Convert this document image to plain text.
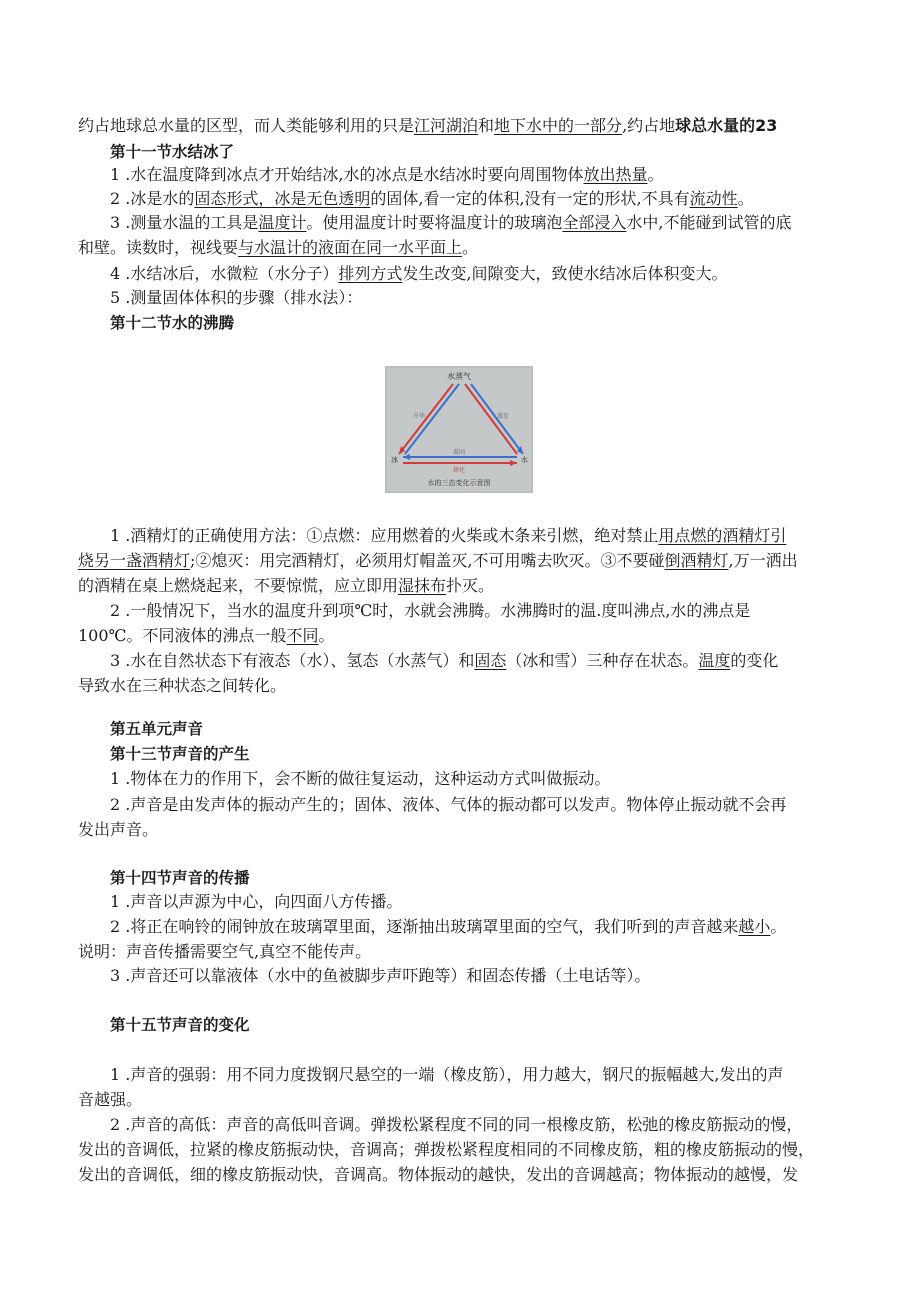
约占地球总水量的区型，而人类能够利用的只是江河湖泊和地下水中的一部分,约占地球总水量的23
第十一节水结冰了
1 .水在温度降到冰点才开始结冰,水的冰点是水结冰时要向周围物体放出热量。
2 .冰是水的固态形式，冰是无色透明的固体,看一定的体积,没有一定的形状,不具有流动性。
3 .测量水温的工具是温度计。使用温度计时要将温度计的玻璃泡全部浸入水中,不能碰到试管的底
和壁。读数时，视线要与水温计的液面在同一水平面上。
4 .水结冰后，水微粒（水分子）排列方式发生改变,间隙变大，致使水结冰后体积变大。
5 .测量固体体积的步骤（排水法）：
第十二节水的沸腾
水蒸气
冰	水
升华	蒸发
凝固
熔化
水的三态变化示意图
1 .酒精灯的正确使用方法：①点燃：应用燃着的火柴或木条来引燃，绝对禁止用点燃的酒精灯引
烧另一盏酒精灯;②熄灭：用完酒精灯，必须用灯帽盖灭,不可用嘴去吹灭。③不要碰倒酒精灯,万一洒出
的酒精在桌上燃烧起来，不要惊慌，应立即用湿抹布扑灭。
2 .一般情况下，当水的温度升到项℃时，水就会沸腾。水沸腾时的温.度叫沸点,水的沸点是
100℃。不同液体的沸点一般不同。
3 .水在自然状态下有液态（水）、氢态（水蒸气）和固态（冰和雪）三种存在状态。温度的变化
导致水在三种状态之间转化。
第五单元声音
第十三节声音的产生
1 .物体在力的作用下，会不断的做往复运动，这种运动方式叫做振动。
2 .声音是由发声体的振动产生的；固体、液体、气体的振动都可以发声。物体停止振动就不会再
发出声音。
第十四节声音的传播
1 .声音以声源为中心，向四面八方传播。
2 .将正在响铃的闹钟放在玻璃罩里面，逐渐抽出玻璃罩里面的空气，我们听到的声音越来越小。
说明：声音传播需要空气,真空不能传声。
3 .声音还可以靠液体（水中的鱼被脚步声吓跑等）和固态传播（土电话等）。
第十五节声音的变化
1 .声音的强弱：用不同力度拨钢尺悬空的一端（橡皮筋），用力越大，钢尺的振幅越大,发出的声
音越强。
2 .声音的高低：声音的高低叫音调。弹拨松紧程度不同的同一根橡皮筋，松弛的橡皮筋振动的慢，
发出的音调低，拉紧的橡皮筋振动快，音调高；弹拨松紧程度相同的不同橡皮筋，粗的橡皮筋振动的慢，
发出的音调低，细的橡皮筋振动快，音调高。物体振动的越快，发出的音调越高；物体振动的越慢，发
